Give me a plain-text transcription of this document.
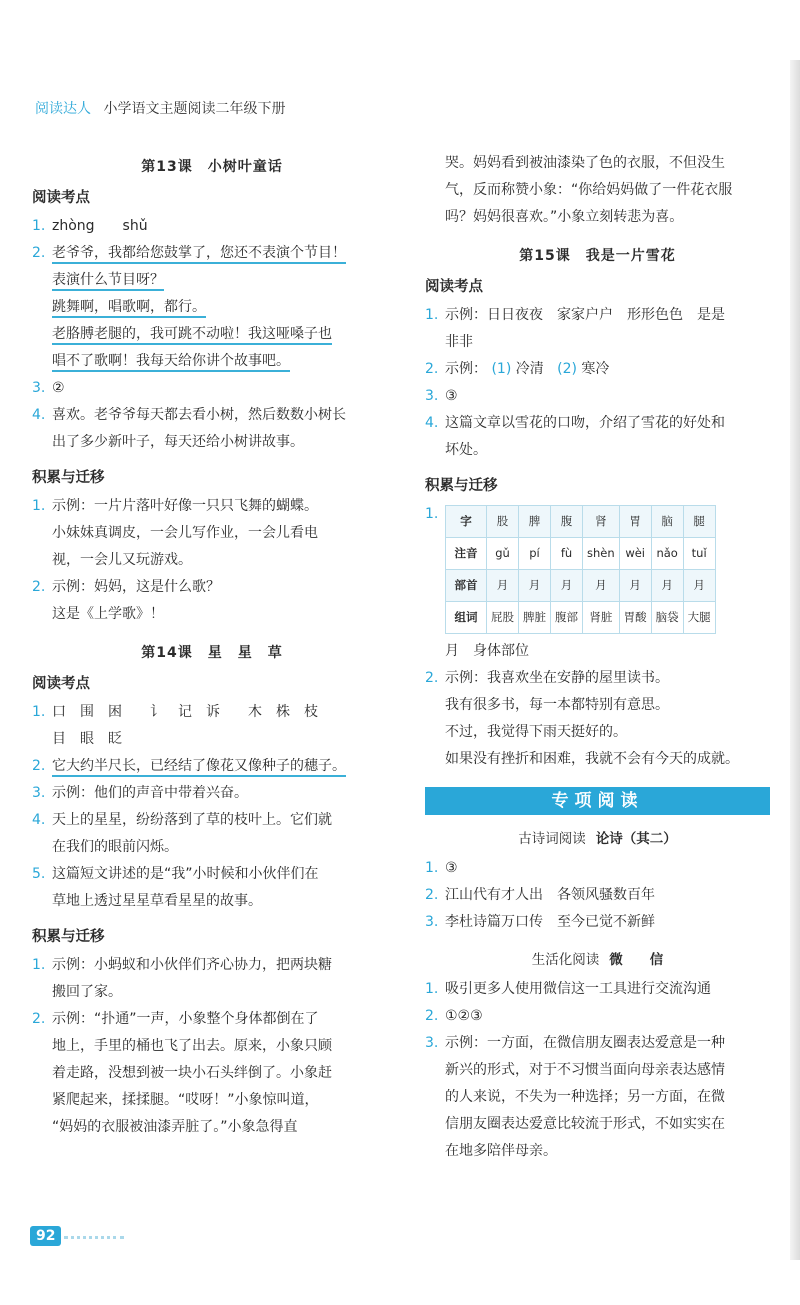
阅读达人 小学语文主题阅读二年级下册
第13课　小树叶童话
阅读考点
1. zhòng　　shǔ
2. 老爷爷，我都给您鼓掌了，您还不表演个节目！
表演什么节目呀？
跳舞啊，唱歌啊，都行。
老胳膊老腿的，我可跳不动啦！我这哑嗓子也
唱不了歌啊！我每天给你讲个故事吧。
3. ②
4. 喜欢。老爷爷每天都去看小树，然后数数小树长
出了多少新叶子，每天还给小树讲故事。
积累与迁移
1. 示例：一片片落叶好像一只只飞舞的蝴蝶。
小妹妹真调皮，一会儿写作业，一会儿看电
视，一会儿又玩游戏。
2. 示例：妈妈，这是什么歌？
这是《上学歌》！
第14课　星　星　草
阅读考点
1. 口　围　困　　讠　记　诉　　木　株　枝
目　眼　眨
2. 它大约半尺长，已经结了像花又像种子的穗子。
3. 示例：他们的声音中带着兴奋。
4. 天上的星星，纷纷落到了草的枝叶上。它们就
在我们的眼前闪烁。
5. 这篇短文讲述的是“我”小时候和小伙伴们在
草地上透过星星草看星星的故事。
积累与迁移
1. 示例：小蚂蚁和小伙伴们齐心协力，把两块糖
搬回了家。
2. 示例：“扑通”一声，小象整个身体都倒在了
地上，手里的桶也飞了出去。原来，小象只顾
着走路，没想到被一块小石头绊倒了。小象赶
紧爬起来，揉揉腿。“哎呀！”小象惊叫道，
“妈妈的衣服被油漆弄脏了。”小象急得直
哭。妈妈看到被油漆染了色的衣服，不但没生
气，反而称赞小象：“你给妈妈做了一件花衣服
吗？妈妈很喜欢。”小象立刻转悲为喜。
第15课　我是一片雪花
阅读考点
1. 示例：日日夜夜　家家户户　形形色色　是是
非非
2. 示例： (1) 冷清 (2) 寒冷
3. ③
4. 这篇文章以雪花的口吻，介绍了雪花的好处和
坏处。
积累与迁移
1.	字	股	脾	腹	肾	胃	脑	腿
注音	gǔ	pí	fù	shèn	wèi	nǎo	tuǐ
部首	月	月	月	月	月	月	月
组词	屁股	脾脏	腹部	肾脏	胃酸	脑袋	大腿
月　身体部位
2. 示例：我喜欢坐在安静的屋里读书。
我有很多书，每一本都特别有意思。
不过，我觉得下雨天挺好的。
如果没有挫折和困难，我就不会有今天的成就。
专项阅读
古诗词阅读 论诗（其二）
1. ③
2. 江山代有才人出　各领风骚数百年
3. 李杜诗篇万口传　至今已觉不新鲜
生活化阅读 微　　信
1. 吸引更多人使用微信这一工具进行交流沟通
2. ①②③
3. 示例：一方面，在微信朋友圈表达爱意是一种
新兴的形式，对于不习惯当面向母亲表达感情
的人来说，不失为一种选择；另一方面，在微
信朋友圈表达爱意比较流于形式，不如实实在
在地多陪伴母亲。
92
